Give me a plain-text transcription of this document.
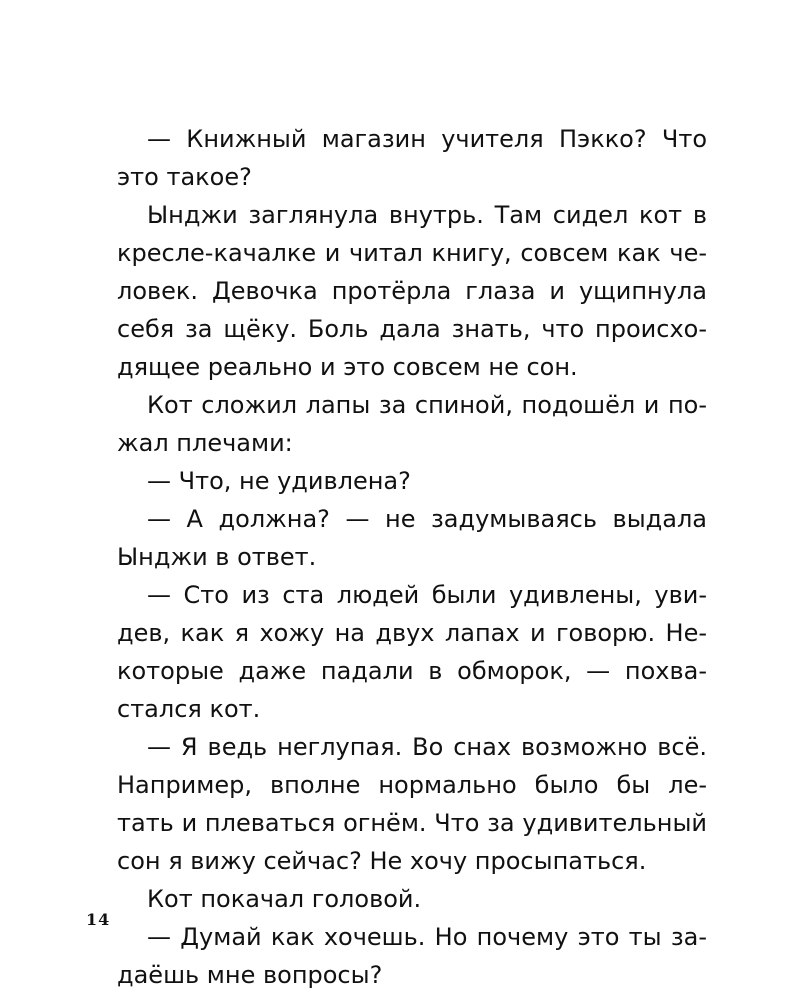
— Книжный магазин учителя Пэкко? Что
это такое?
Ынджи заглянула внутрь. Там сидел кот в
кресле-качалке и читал книгу, совсем как че-
ловек. Девочка протёрла глаза и ущипнула
себя за щёку. Боль дала знать, что происхо-
дящее реально и это совсем не сон.
Кот сложил лапы за спиной, подошёл и по-
жал плечами:
— Что, не удивлена?
— А должна? — не задумываясь выдала
Ынджи в ответ.
— Сто из ста людей были удивлены, уви-
дев, как я хожу на двух лапах и говорю. Не-
которые даже падали в обморок, — похва-
стался кот.
— Я ведь неглупая. Во снах возможно всё.
Например, вполне нормально было бы ле-
тать и плеваться огнём. Что за удивительный
сон я вижу сейчас? Не хочу просыпаться.
Кот покачал головой.
— Думай как хочешь. Но почему это ты за-
даёшь мне вопросы?
14
